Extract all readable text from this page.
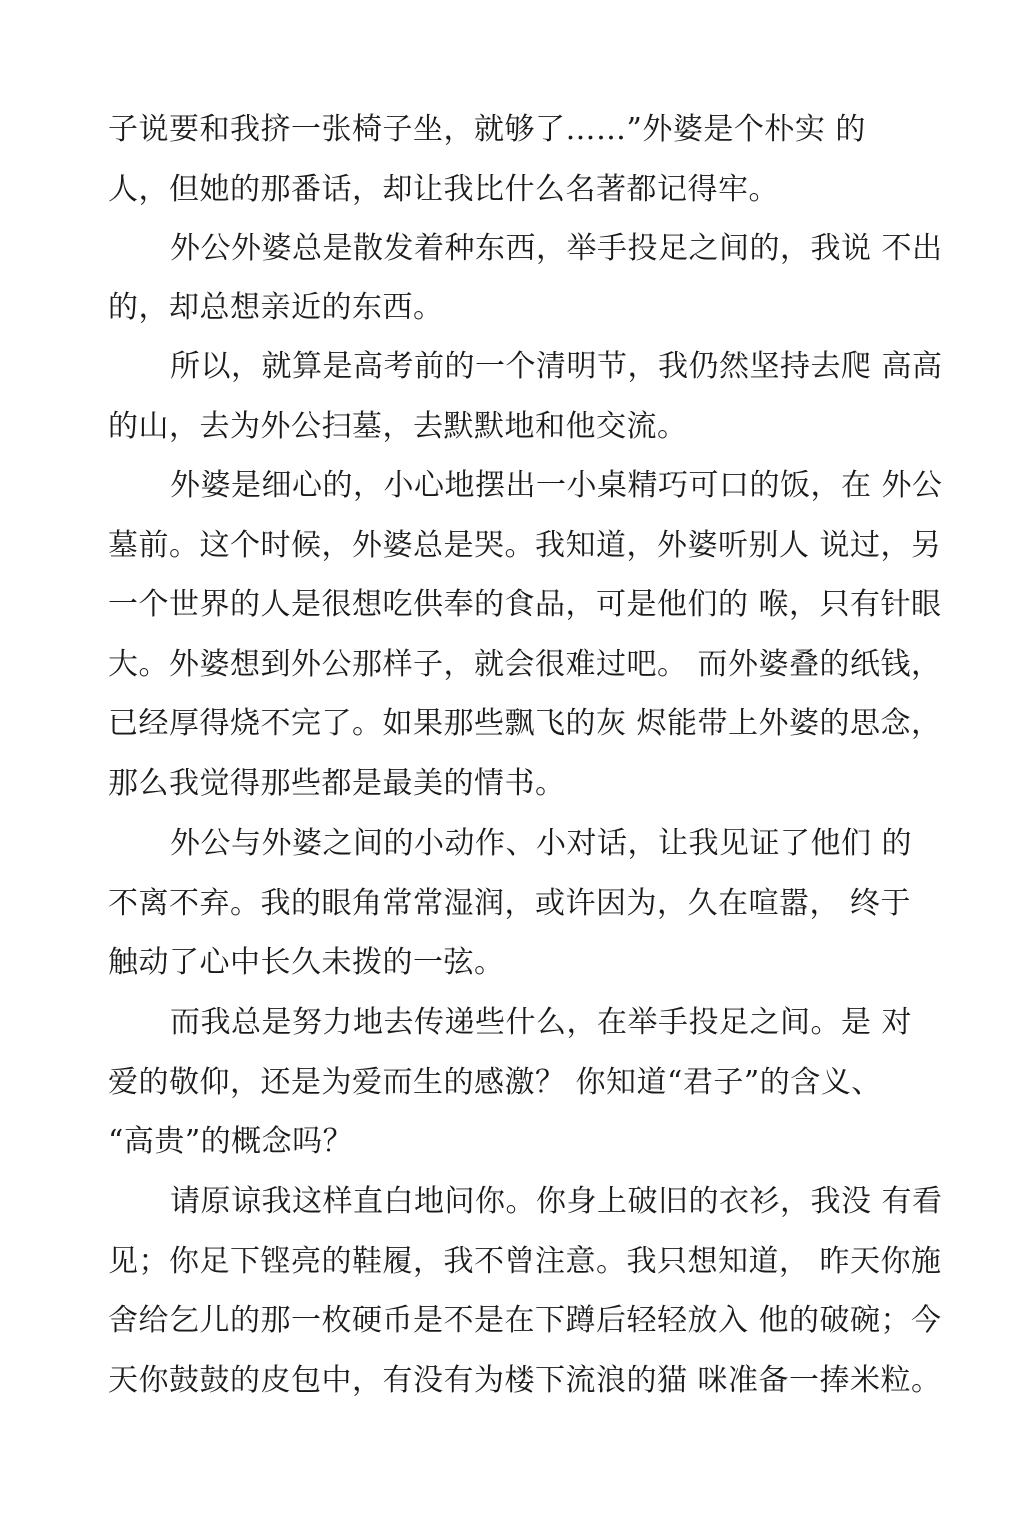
子说要和我挤一张椅子坐，就够了……”外婆是个朴实 的
人，但她的那番话，却让我比什么名著都记得牢。
外公外婆总是散发着种东西，举手投足之间的，我说 不出
的，却总想亲近的东西。
所以，就算是高考前的一个清明节，我仍然坚持去爬 高高
的山，去为外公扫墓，去默默地和他交流。
外婆是细心的，小心地摆出一小桌精巧可口的饭，在 外公
墓前。这个时候，外婆总是哭。我知道，外婆听别人 说过，另
一个世界的人是很想吃供奉的食品，可是他们的 喉，只有针眼
大。外婆想到外公那样子，就会很难过吧。 而外婆叠的纸钱，
已经厚得烧不完了。如果那些飘飞的灰 烬能带上外婆的思念，
那么我觉得那些都是最美的情书。
外公与外婆之间的小动作、小对话，让我见证了他们 的
不离不弃。我的眼角常常湿润，或许因为，久在喧嚣， 终于
触动了心中长久未拨的一弦。
而我总是努力地去传递些什么，在举手投足之间。是 对
爱的敬仰，还是为爱而生的感激？ 你知道“君子”的含义、
“高贵”的概念吗？
请原谅我这样直白地问你。你身上破旧的衣衫，我没 有看
见；你足下铿亮的鞋履，我不曾注意。我只想知道， 昨天你施
舍给乞儿的那一枚硬币是不是在下蹲后轻轻放入 他的破碗；今
天你鼓鼓的皮包中，有没有为楼下流浪的猫 咪准备一捧米粒。
